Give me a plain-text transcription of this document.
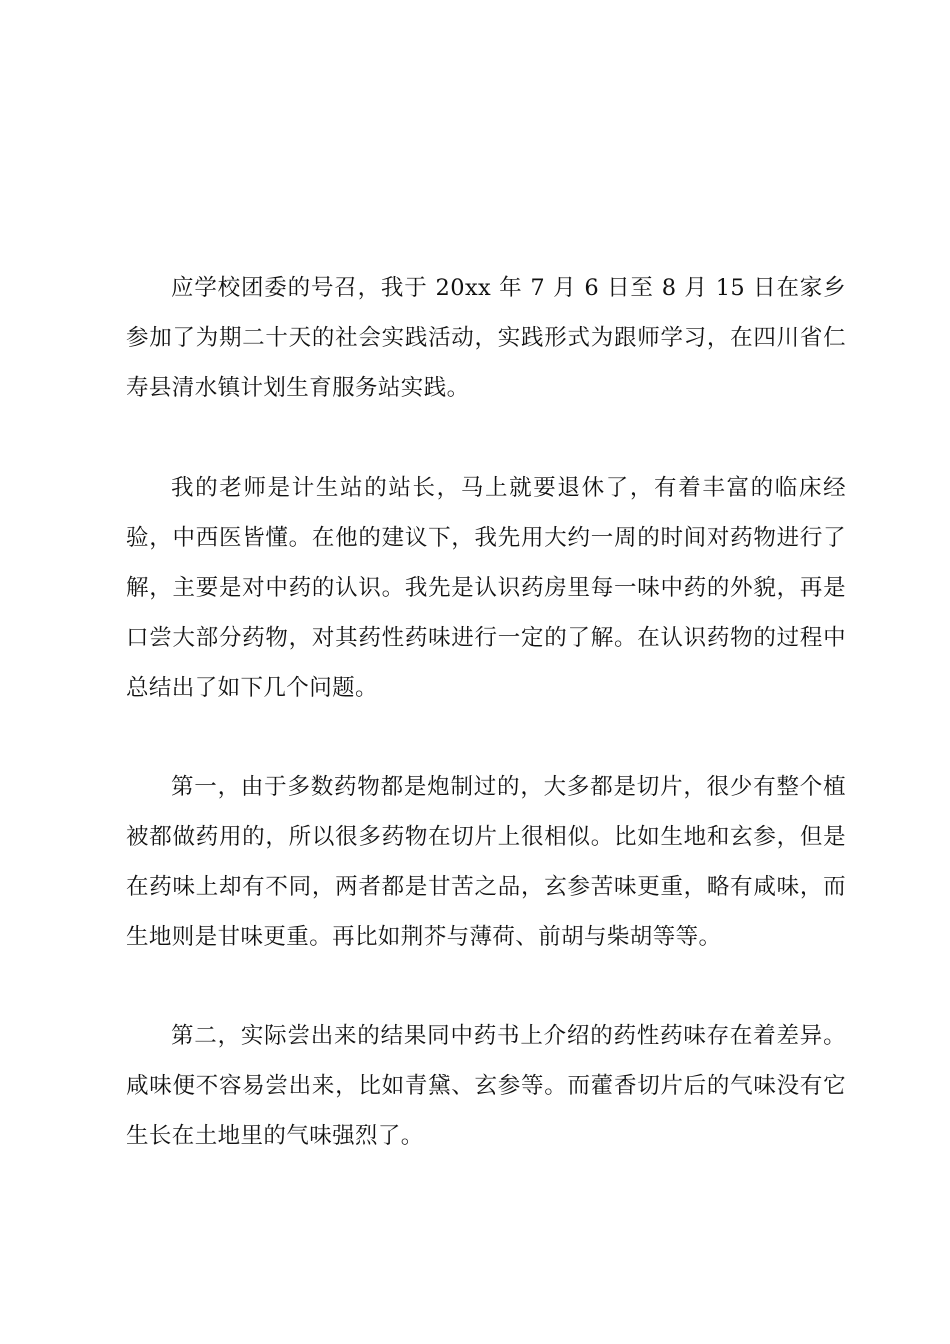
应学校团委的号召，我于 20xx 年 7 月 6 日至 8 月 15 日在家乡参加了为期二十天的社会实践活动，实践形式为跟师学习，在四川省仁寿县清水镇计划生育服务站实践。

我的老师是计生站的站长，马上就要退休了，有着丰富的临床经验，中西医皆懂。在他的建议下，我先用大约一周的时间对药物进行了解，主要是对中药的认识。我先是认识药房里每一味中药的外貌，再是口尝大部分药物，对其药性药味进行一定的了解。在认识药物的过程中总结出了如下几个问题。

第一，由于多数药物都是炮制过的，大多都是切片，很少有整个植被都做药用的，所以很多药物在切片上很相似。比如生地和玄参，但是在药味上却有不同，两者都是甘苦之品，玄参苦味更重，略有咸味，而生地则是甘味更重。再比如荆芥与薄荷、前胡与柴胡等等。

第二，实际尝出来的结果同中药书上介绍的药性药味存在着差异。咸味便不容易尝出来，比如青黛、玄参等。而藿香切片后的气味没有它生长在土地里的气味强烈了。
